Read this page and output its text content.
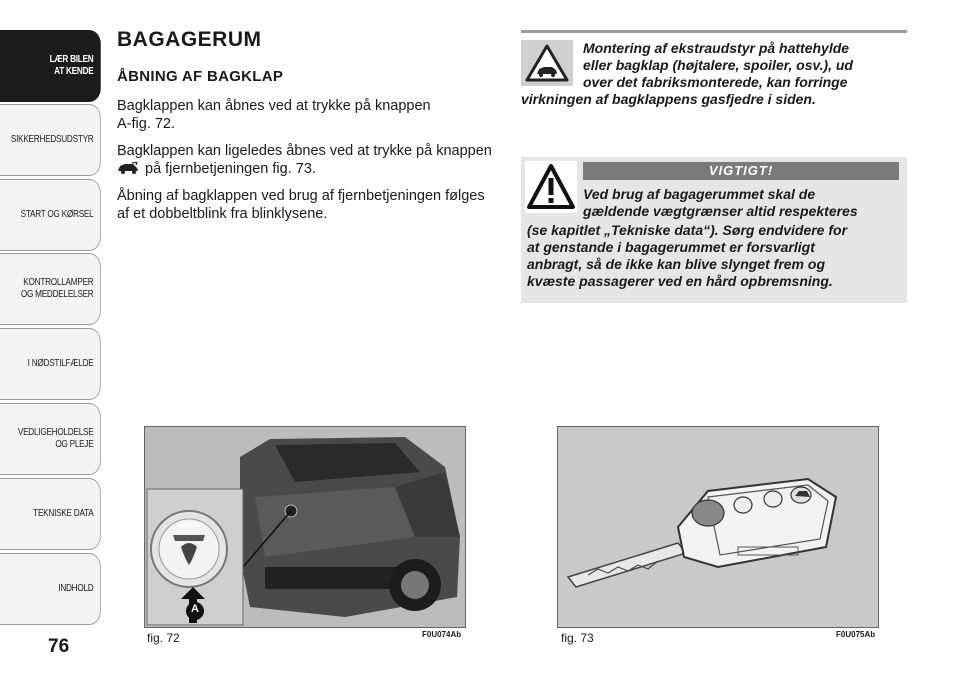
LÆR BILEN
AT KENDE
SIKKERHEDSUDSTYR
START OG KØRSEL
KONTROLLAMPER
OG MEDDELELSER
I NØDSTILFÆLDE
VEDLIGEHOLDELSE
OG PLEJE
TEKNISKE DATA
INDHOLD
76
BAGAGERUM
ÅBNING AF BAGKLAP
Bagklappen kan åbnes ved at trykke på knappen
A-fig. 72.
Bagklappen kan ligeledes åbnes ved at trykke på knappen
på fjernbetjeningen fig. 73.
Åbning af bagklappen ved brug af fjernbetjeningen følges
af et dobbeltblink fra blinklysene.
Montering af ekstraudstyr på hattehylde
eller bagklap (højtalere, spoiler, osv.), ud
over det fabriksmonterede, kan forringe
virkningen af bagklappens gasfjedre i siden.
VIGTIGT!
Ved brug af bagagerummet skal de
gældende vægtgrænser altid respekteres
(se kapitlet „Tekniske data“). Sørg endvidere for
at genstande i bagagerummet er forsvarligt
anbragt, så de ikke kan blive slynget frem og
kvæste passagerer ved en hård opbremsning.
ABARTH
A
fig. 72	F0U074Ab	fig. 73	F0U075Ab
